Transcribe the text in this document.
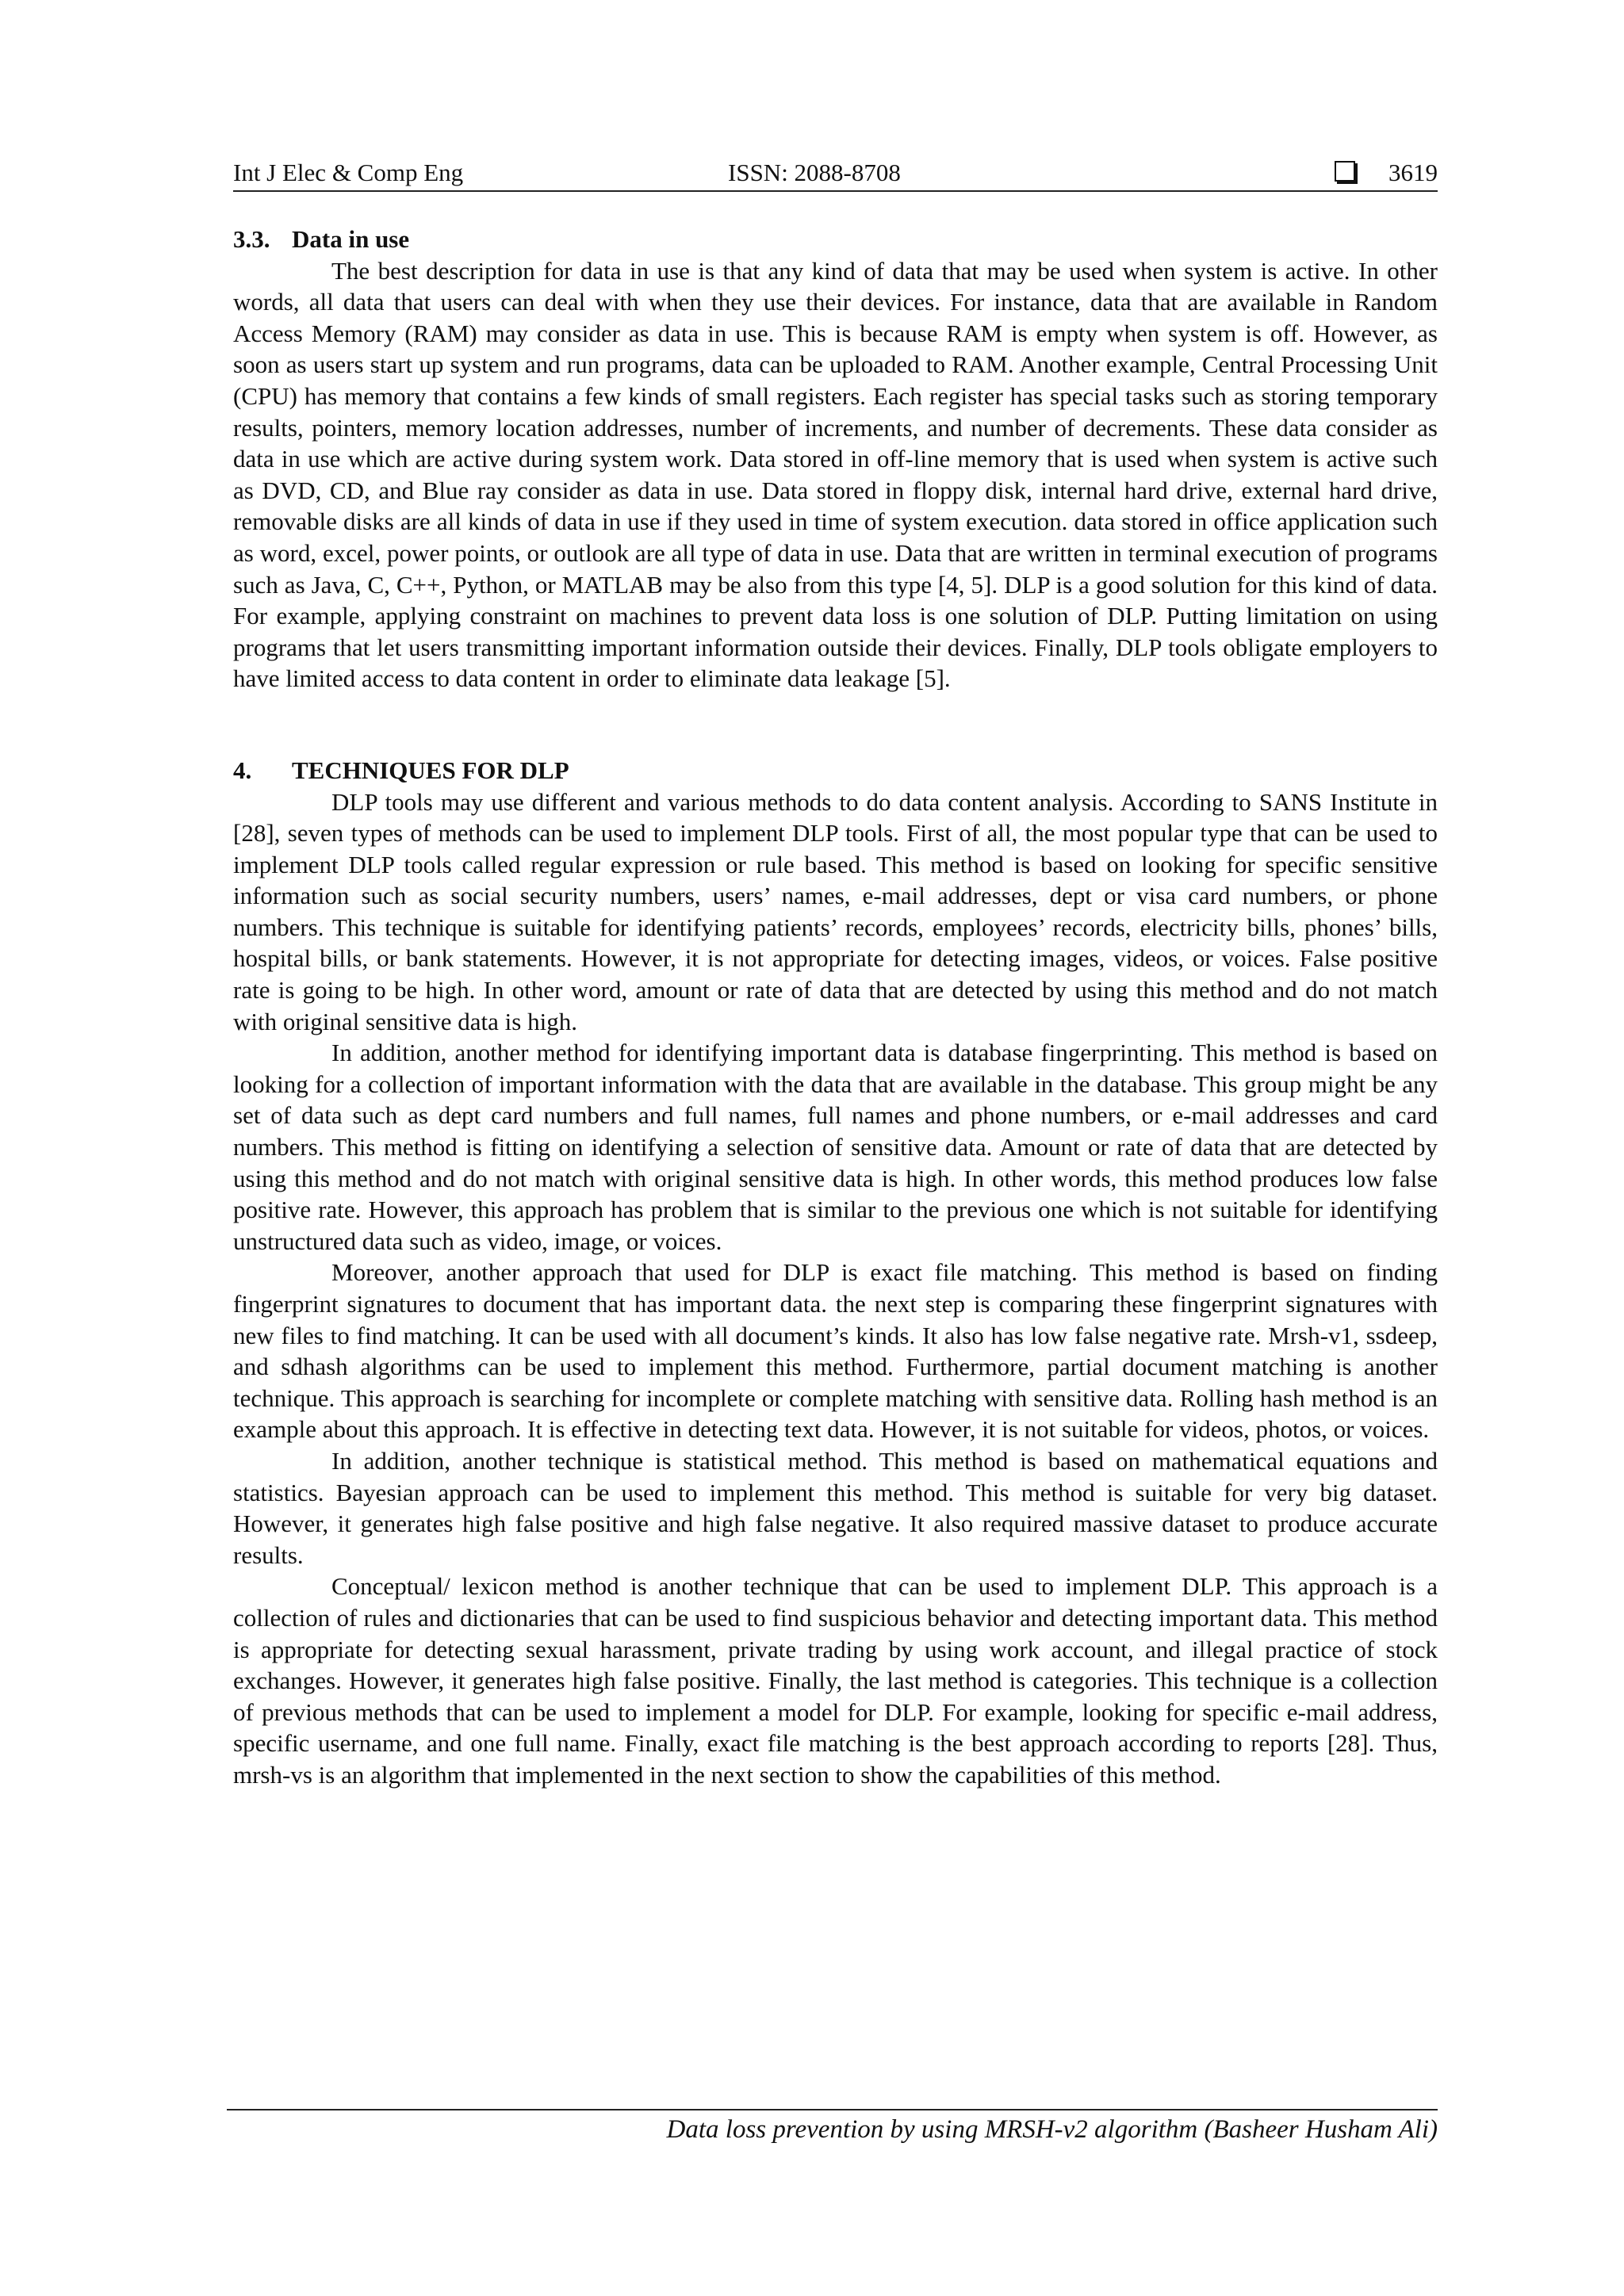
Int J Elec & Comp Eng	ISSN: 2088-8708	3619
3.3. Data in use

The best description for data in use is that any kind of data that may be used when system is active. In other words, all data that users can deal with when they use their devices. For instance, data that are available in Random Access Memory (RAM) may consider as data in use. This is because RAM is empty when system is off. However, as soon as users start up system and run programs, data can be uploaded to RAM. Another example, Central Processing Unit (CPU) has memory that contains a few kinds of small registers. Each register has special tasks such as storing temporary results, pointers, memory location addresses, number of increments, and number of decrements. These data consider as data in use which are active during system work. Data stored in off-line memory that is used when system is active such as DVD, CD, and Blue ray consider as data in use. Data stored in floppy disk, internal hard drive, external hard drive, removable disks are all kinds of data in use if they used in time of system execution. data stored in office application such as word, excel, power points, or outlook are all type of data in use. Data that are written in terminal execution of programs such as Java, C, C++, Python, or MATLAB may be also from this type [4, 5]. DLP is a good solution for this kind of data. For example, applying constraint on machines to prevent data loss is one solution of DLP. Putting limitation on using programs that let users transmitting important information outside their devices. Finally, DLP tools obligate employers to have limited access to data content in order to eliminate data leakage [5].

4. TECHNIQUES FOR DLP

DLP tools may use different and various methods to do data content analysis. According to SANS Institute in [28], seven types of methods can be used to implement DLP tools. First of all, the most popular type that can be used to implement DLP tools called regular expression or rule based. This method is based on looking for specific sensitive information such as social security numbers, users’ names, e-mail addresses, dept or visa card numbers, or phone numbers. This technique is suitable for identifying patients’ records, employees’ records, electricity bills, phones’ bills, hospital bills, or bank statements. However, it is not appropriate for detecting images, videos, or voices. False positive rate is going to be high. In other word, amount or rate of data that are detected by using this method and do not match with original sensitive data is high.

In addition, another method for identifying important data is database fingerprinting. This method is based on looking for a collection of important information with the data that are available in the database. This group might be any set of data such as dept card numbers and full names, full names and phone numbers, or e-mail addresses and card numbers. This method is fitting on identifying a selection of sensitive data. Amount or rate of data that are detected by using this method and do not match with original sensitive data is high. In other words, this method produces low false positive rate. However, this approach has problem that is similar to the previous one which is not suitable for identifying unstructured data such as video, image, or voices.

Moreover, another approach that used for DLP is exact file matching. This method is based on finding fingerprint signatures to document that has important data. the next step is comparing these fingerprint signatures with new files to find matching. It can be used with all document’s kinds. It also has low false negative rate. Mrsh-v1, ssdeep, and sdhash algorithms can be used to implement this method. Furthermore, partial document matching is another technique. This approach is searching for incomplete or complete matching with sensitive data. Rolling hash method is an example about this approach. It is effective in detecting text data. However, it is not suitable for videos, photos, or voices.

In addition, another technique is statistical method. This method is based on mathematical equations and statistics. Bayesian approach can be used to implement this method. This method is suitable for very big dataset. However, it generates high false positive and high false negative. It also required massive dataset to produce accurate results.

Conceptual/ lexicon method is another technique that can be used to implement DLP. This approach is a collection of rules and dictionaries that can be used to find suspicious behavior and detecting important data. This method is appropriate for detecting sexual harassment, private trading by using work account, and illegal practice of stock exchanges. However, it generates high false positive. Finally, the last method is categories. This technique is a collection of previous methods that can be used to implement a model for DLP. For example, looking for specific e-mail address, specific username, and one full name. Finally, exact file matching is the best approach according to reports [28]. Thus, mrsh-vs is an algorithm that implemented in the next section to show the capabilities of this method.

Data loss prevention by using MRSH-v2 algorithm (Basheer Husham Ali)
